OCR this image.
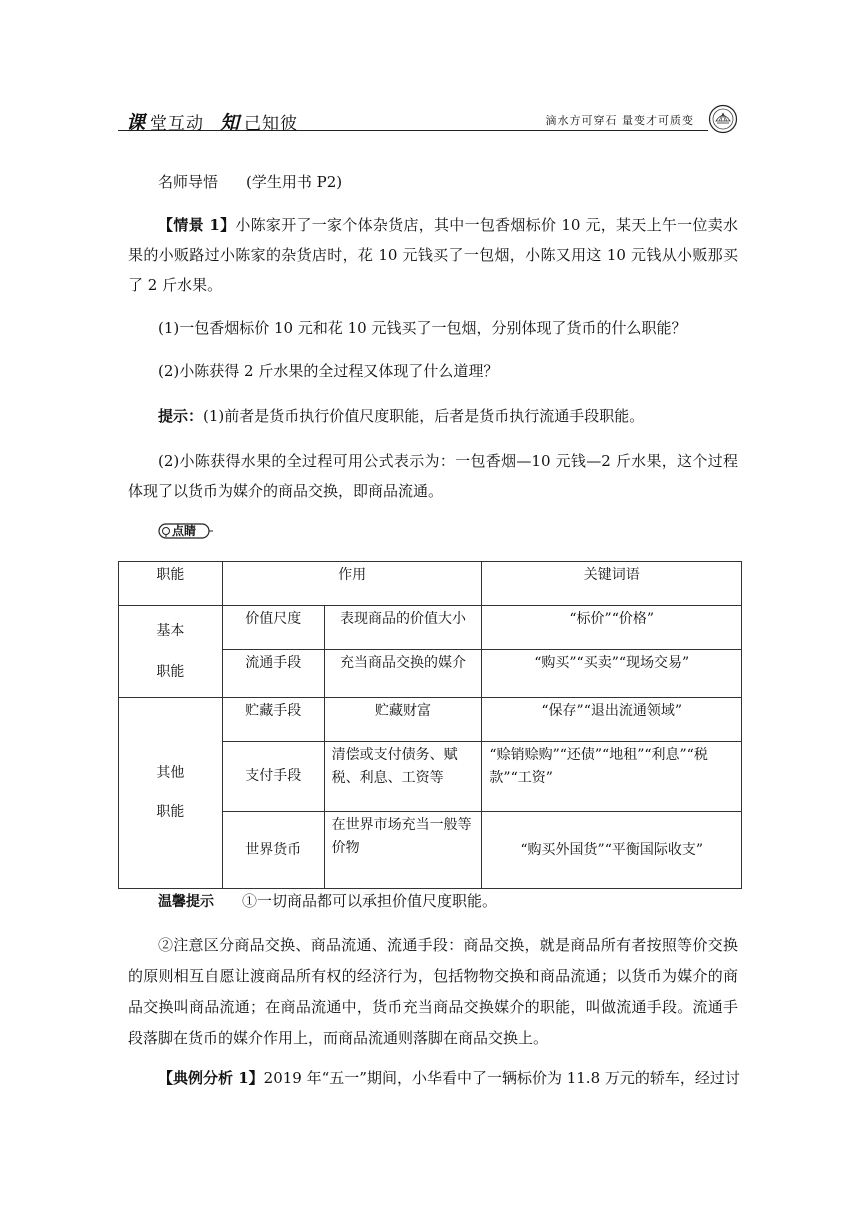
课 堂互动 知 己知彼	滴水方可穿石 量变才可质变
名师导悟 (学生用书 P2)
【情景 1】小陈家开了一家个体杂货店，其中一包香烟标价 10 元，某天上午一位卖水果的小贩路过小陈家的杂货店时，花 10 元钱买了一包烟，小陈又用这 10 元钱从小贩那买了 2 斤水果。
(1)一包香烟标价 10 元和花 10 元钱买了一包烟，分别体现了货币的什么职能？
(2)小陈获得 2 斤水果的全过程又体现了什么道理？
提示：(1)前者是货币执行价值尺度职能，后者是货币执行流通手段职能。
(2)小陈获得水果的全过程可用公式表示为：一包香烟—10 元钱—2 斤水果，这个过程体现了以货币为媒介的商品交换，即商品流通。
点睛
职能	作用		关键词语

基本
职能	价值尺度	表现商品的价值大小	“标价”“价格”
	流通手段	充当商品交换的媒介	“购买”“买卖”“现场交易”

其他
职能	贮藏手段	贮藏财富	“保存”“退出流通领域”
	支付手段	清偿或支付债务、赋税、利息、工资等	“赊销赊购”“还债”“地租”“利息”“税款”“工资”
	世界货币	在世界市场充当一般等价物	“购买外国货”“平衡国际收支”
温馨提示 ①一切商品都可以承担价值尺度职能。
②注意区分商品交换、商品流通、流通手段：商品交换，就是商品所有者按照等价交换的原则相互自愿让渡商品所有权的经济行为，包括物物交换和商品流通；以货币为媒介的商品交换叫商品流通；在商品流通中，货币充当商品交换媒介的职能，叫做流通手段。流通手段落脚在货币的媒介作用上，而商品流通则落脚在商品交换上。
【典例分析 1】2019 年“五一”期间，小华看中了一辆标价为 11.8 万元的轿车，经过讨
